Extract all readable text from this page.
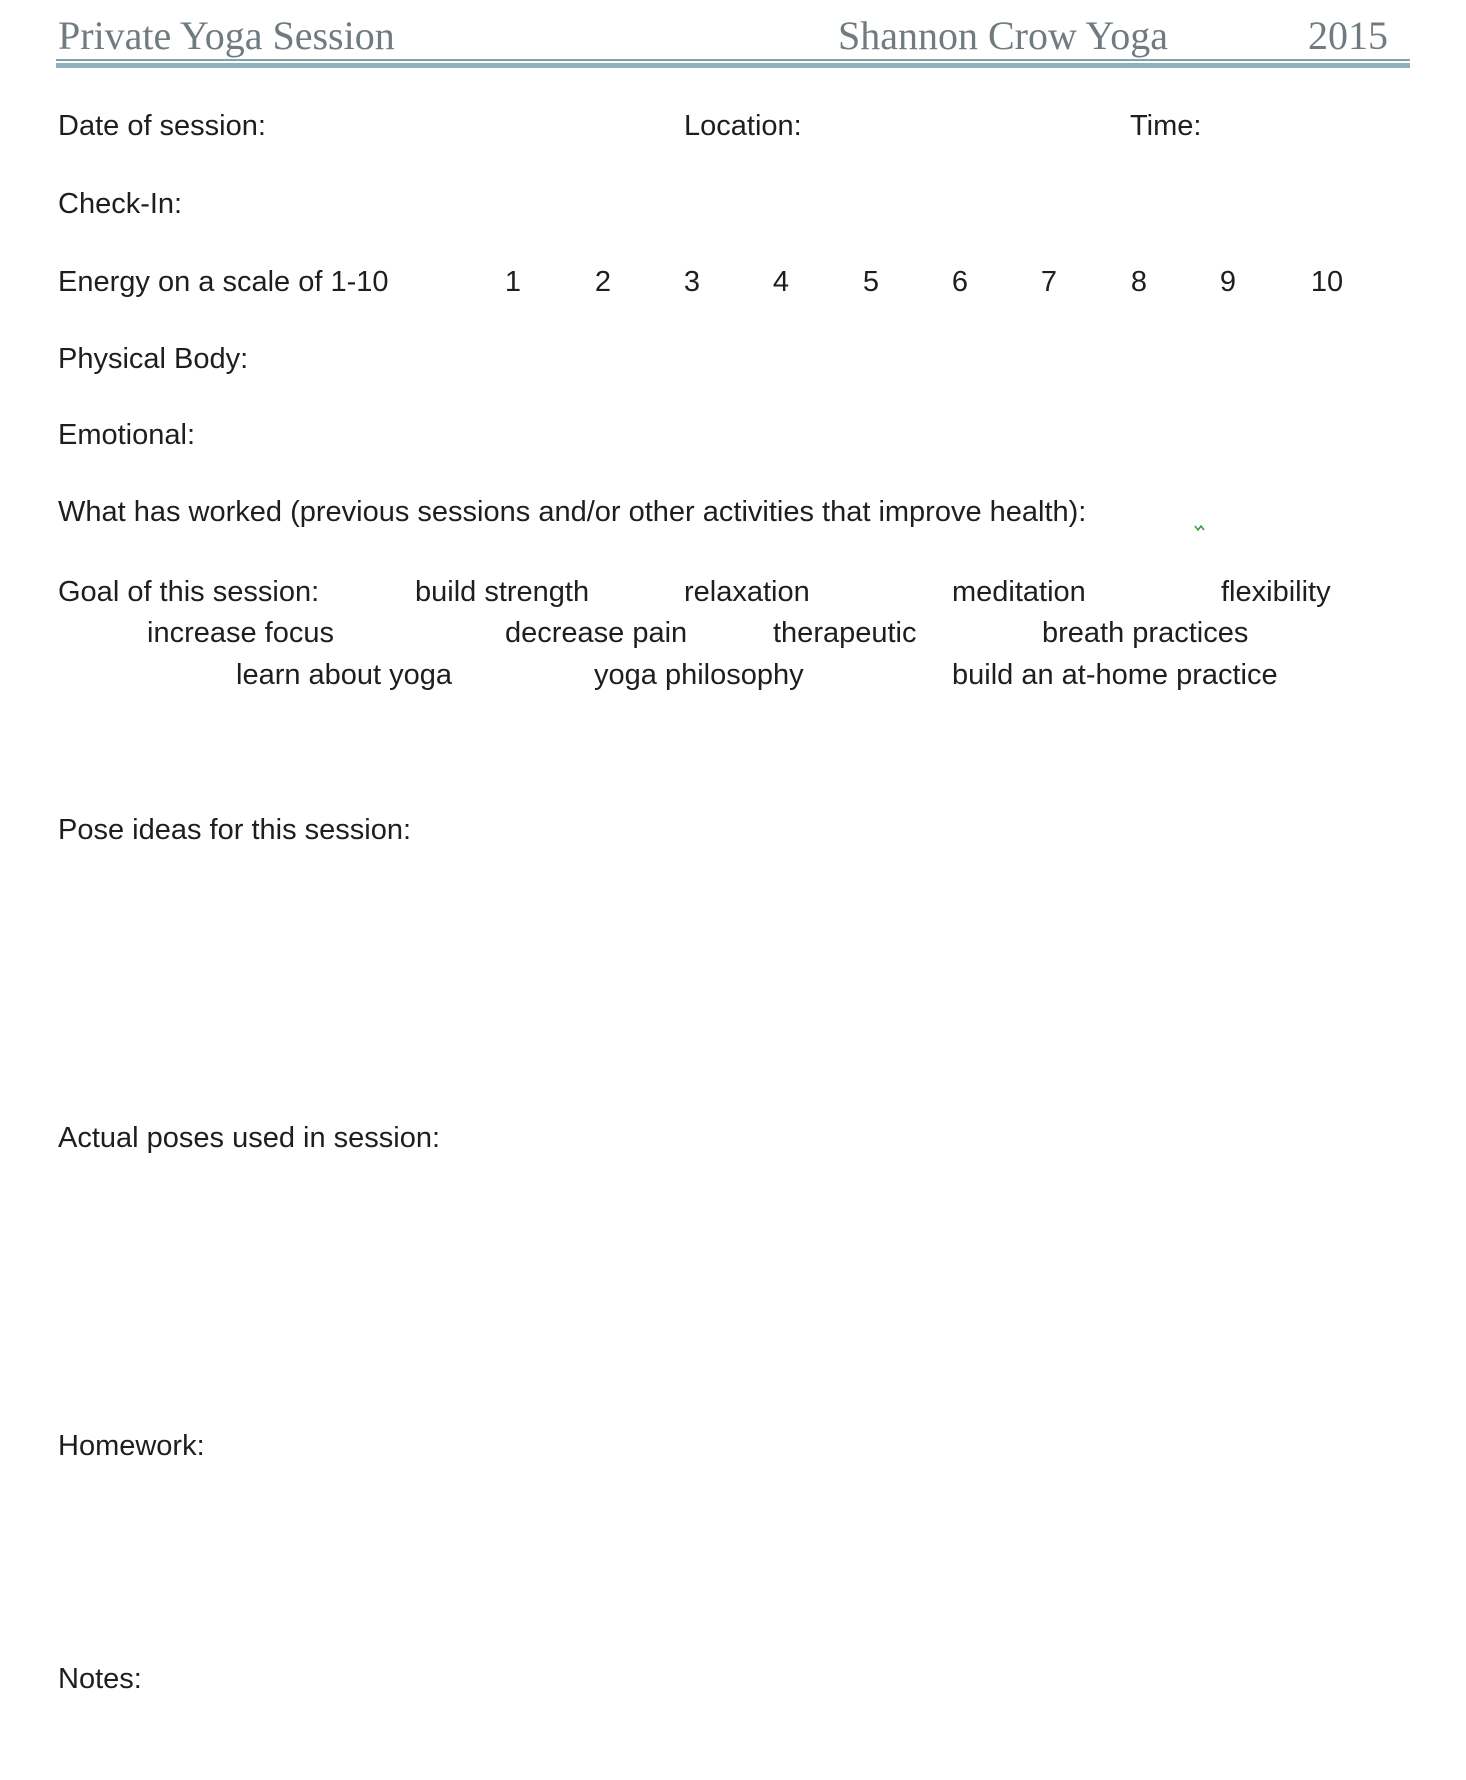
Private Yoga Session	Shannon Crow Yoga	2015
Date of session:	Location:	Time:
Check-In:
Energy on a scale of 1-10	1	2	3	4	5	6	7	8	9	10
Physical Body:
Emotional:
What has worked (previous sessions and/or other activities that improve health):
Goal of this session:	build strength	relaxation	meditation	flexibility
increase focus	decrease pain	therapeutic	breath practices
learn about yoga	yoga philosophy	build an at-home practice
Pose ideas for this session:
Actual poses used in session:
Homework:
Notes:
